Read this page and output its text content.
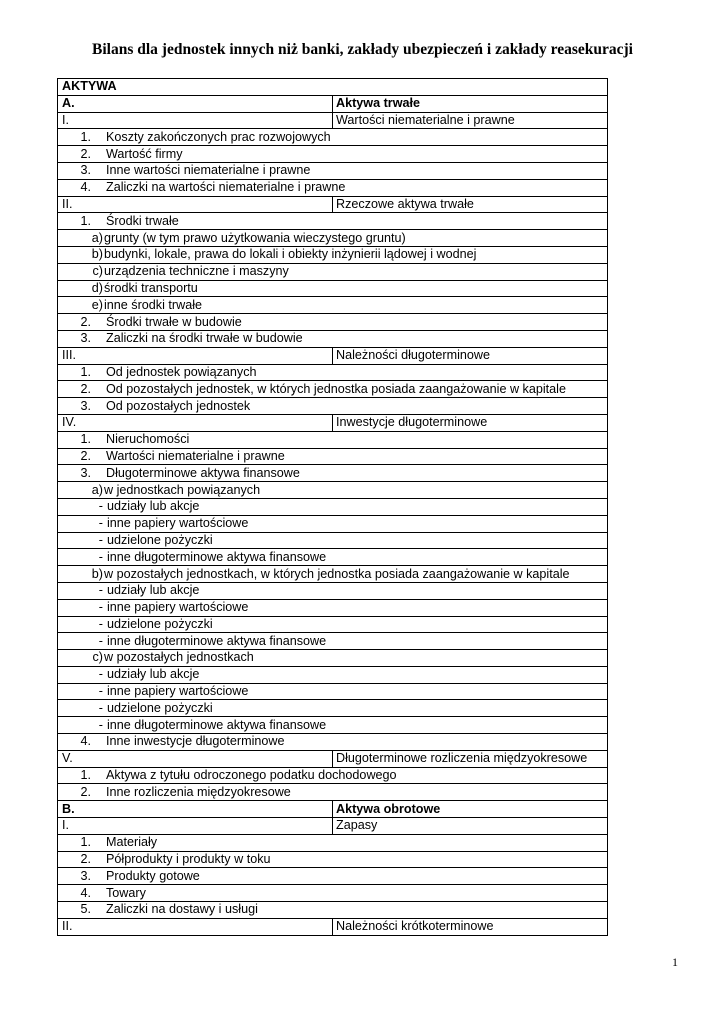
Bilans dla jednostek innych niż banki, zakłady ubezpieczeń i zakłady reasekuracji
AKTYWA	
A.	Aktywa trwałe
I.	Wartości niematerialne i prawne
1. Koszty zakończonych prac rozwojowych	
2. Wartość firmy	
3. Inne wartości niematerialne i prawne	
4. Zaliczki na wartości niematerialne i prawne	
II.	Rzeczowe aktywa trwałe
1. Środki trwałe	
a)grunty (w tym prawo użytkowania wieczystego gruntu)	
b)budynki, lokale, prawa do lokali i obiekty inżynierii lądowej i wodnej	
c)urządzenia techniczne i maszyny	
d)środki transportu	
e)inne środki trwałe	
2. Środki trwałe w budowie	
3. Zaliczki na środki trwałe w budowie	
III.	Należności długoterminowe
1. Od jednostek powiązanych	
2. Od pozostałych jednostek, w których jednostka posiada zaangażowanie w kapitale	
3. Od pozostałych jednostek	
IV.	Inwestycje długoterminowe
1. Nieruchomości	
2. Wartości niematerialne i prawne	
3. Długoterminowe aktywa finansowe	
a)w jednostkach powiązanych	
- udziały lub akcje	
- inne papiery wartościowe	
- udzielone pożyczki	
- inne długoterminowe aktywa finansowe	
b)w pozostałych jednostkach, w których jednostka posiada zaangażowanie w kapitale	
- udziały lub akcje	
- inne papiery wartościowe	
- udzielone pożyczki	
- inne długoterminowe aktywa finansowe	
c)w pozostałych jednostkach	
- udziały lub akcje	
- inne papiery wartościowe	
- udzielone pożyczki	
- inne długoterminowe aktywa finansowe	
4. Inne inwestycje długoterminowe	
V.	Długoterminowe rozliczenia międzyokresowe
1. Aktywa z tytułu odroczonego podatku dochodowego	
2. Inne rozliczenia międzyokresowe	
B.	Aktywa obrotowe
I.	Zapasy
1. Materiały	
2. Półprodukty i produkty w toku	
3. Produkty gotowe	
4. Towary	
5. Zaliczki na dostawy i usługi	
II.	Należności krótkoterminowe
1
